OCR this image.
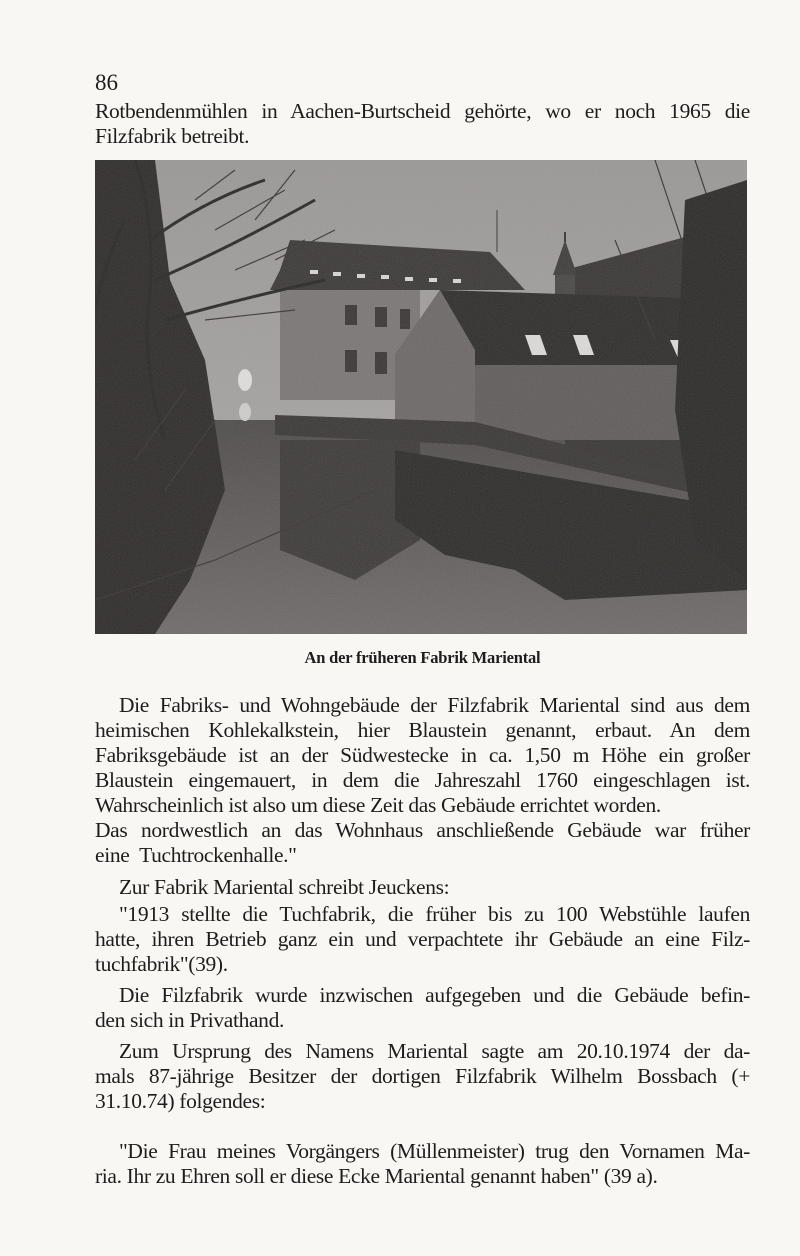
86
Rotbendenmühlen in Aachen-Burtscheid gehörte, wo er noch 1965 die
Filzfabrik betreibt.
An der früheren Fabrik Mariental
Die Fabriks- und Wohngebäude der Filzfabrik Mariental sind aus dem
heimischen Kohlekalkstein, hier Blaustein genannt, erbaut. An dem
Fabriksgebäude ist an der Südwestecke in ca. 1,50 m Höhe ein großer
Blaustein eingemauert, in dem die Jahreszahl 1760 eingeschlagen ist.
Wahrscheinlich ist also um diese Zeit das Gebäude errichtet worden.
Das nordwestlich an das Wohnhaus anschließende Gebäude war früher
eine  Tuchtrockenhalle."
Zur Fabrik Mariental schreibt Jeuckens:
"1913 stellte die Tuchfabrik, die früher bis zu 100 Webstühle laufen
hatte, ihren Betrieb ganz ein und verpachtete ihr Gebäude an eine Filz-
tuchfabrik"(39).
Die Filzfabrik wurde inzwischen aufgegeben und die Gebäude befin-
den sich in Privathand.
Zum Ursprung des Namens Mariental sagte am 20.10.1974 der da-
mals 87-jährige Besitzer der dortigen Filzfabrik Wilhelm Bossbach (+
31.10.74) folgendes:
"Die Frau meines Vorgängers (Müllenmeister) trug den Vornamen Ma-
ria. Ihr zu Ehren soll er diese Ecke Mariental genannt haben" (39 a).
